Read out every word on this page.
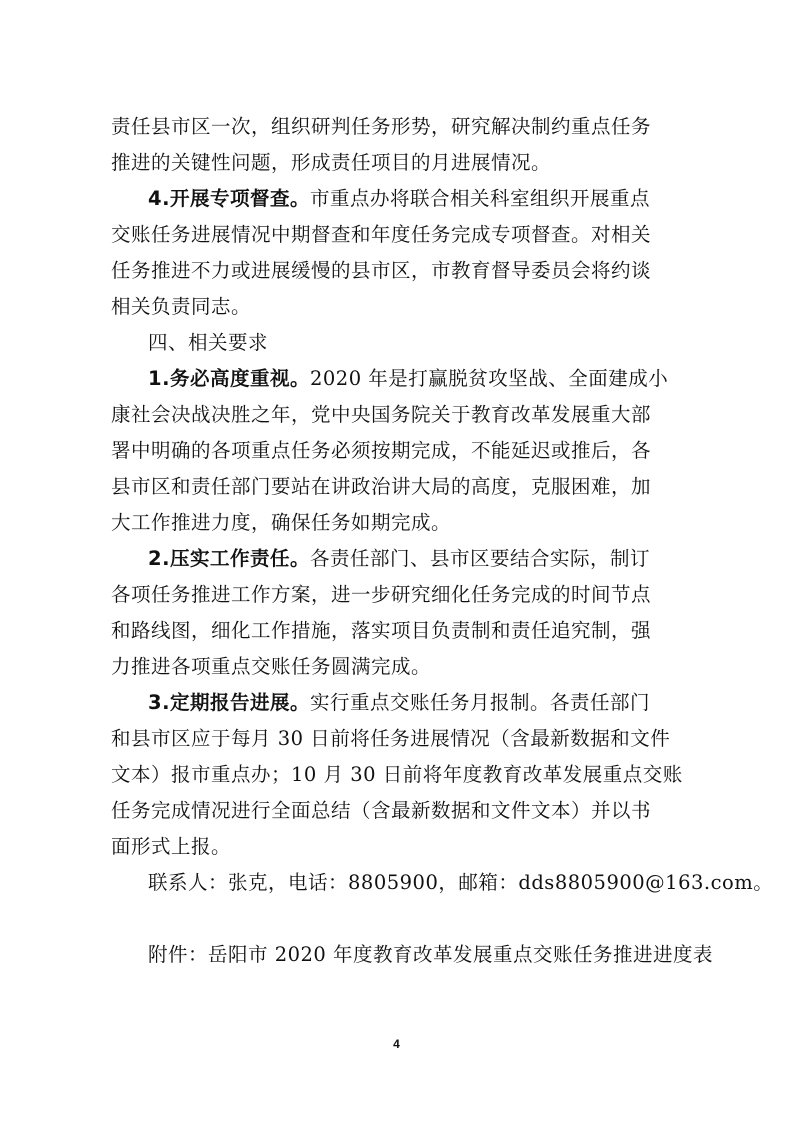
责任县市区一次，组织研判任务形势，研究解决制约重点任务
推进的关键性问题，形成责任项目的月进展情况。
4.开展专项督查。市重点办将联合相关科室组织开展重点
交账任务进展情况中期督查和年度任务完成专项督查。对相关
任务推进不力或进展缓慢的县市区，市教育督导委员会将约谈
相关负责同志。
四、相关要求
1.务必高度重视。2020 年是打赢脱贫攻坚战、全面建成小
康社会决战决胜之年，党中央国务院关于教育改革发展重大部
署中明确的各项重点任务必须按期完成，不能延迟或推后，各
县市区和责任部门要站在讲政治讲大局的高度，克服困难，加
大工作推进力度，确保任务如期完成。
2.压实工作责任。各责任部门、县市区要结合实际，制订
各项任务推进工作方案，进一步研究细化任务完成的时间节点
和路线图，细化工作措施，落实项目负责制和责任追究制，强
力推进各项重点交账任务圆满完成。
3.定期报告进展。实行重点交账任务月报制。各责任部门
和县市区应于每月 30 日前将任务进展情况（含最新数据和文件
文本）报市重点办；10 月 30 日前将年度教育改革发展重点交账
任务完成情况进行全面总结（含最新数据和文件文本）并以书
面形式上报。
联系人：张克，电话：8805900，邮箱：dds8805900@163.com。
附件：岳阳市 2020 年度教育改革发展重点交账任务推进进度表
4
